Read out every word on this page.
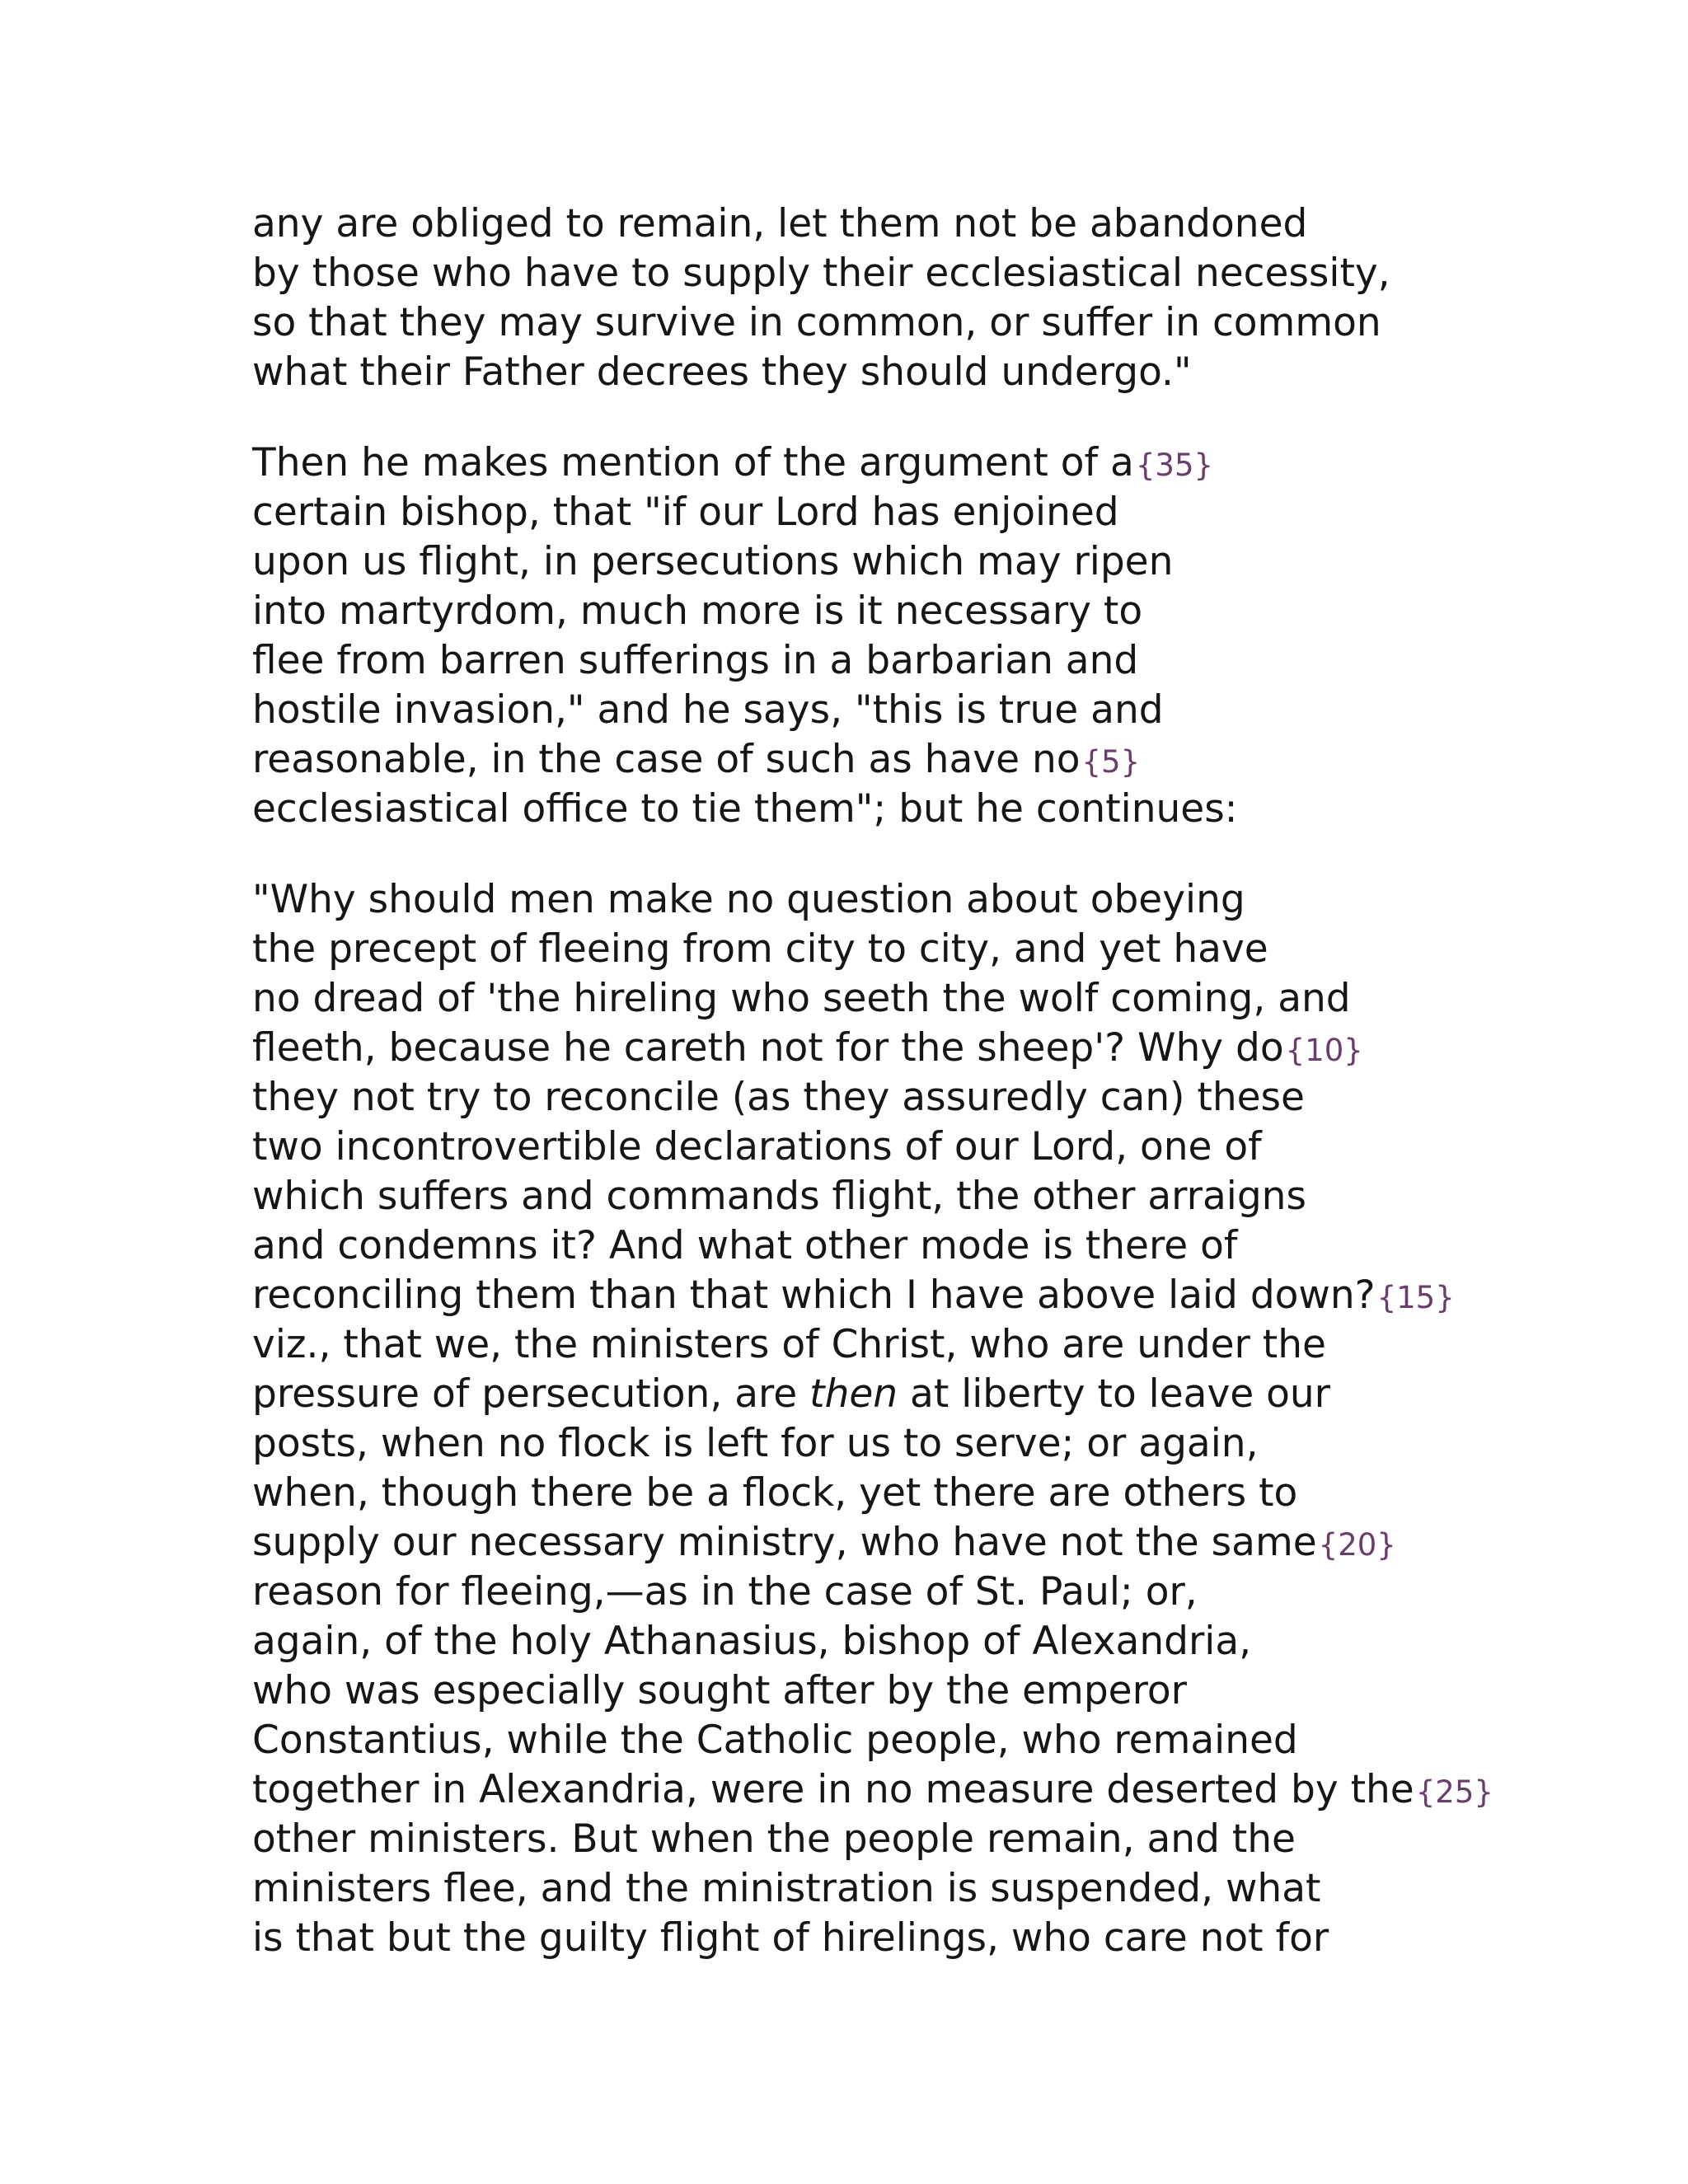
any are obliged to remain, let them not be abandoned
by those who have to supply their ecclesiastical necessity,
so that they may survive in common, or suffer in common
what their Father decrees they should undergo."
Then he makes mention of the argument of a{35}
certain bishop, that "if our Lord has enjoined
upon us flight, in persecutions which may ripen
into martyrdom, much more is it necessary to
flee from barren sufferings in a barbarian and
hostile invasion," and he says, "this is true and
reasonable, in the case of such as have no{5}
ecclesiastical office to tie them"; but he continues:
"Why should men make no question about obeying
the precept of fleeing from city to city, and yet have
no dread of 'the hireling who seeth the wolf coming, and
fleeth, because he careth not for the sheep'? Why do{10}
they not try to reconcile (as they assuredly can) these
two incontrovertible declarations of our Lord, one of
which suffers and commands flight, the other arraigns
and condemns it? And what other mode is there of
reconciling them than that which I have above laid down?{15}
viz., that we, the ministers of Christ, who are under the
pressure of persecution, are then at liberty to leave our
posts, when no flock is left for us to serve; or again,
when, though there be a flock, yet there are others to
supply our necessary ministry, who have not the same{20}
reason for fleeing,—as in the case of St. Paul; or,
again, of the holy Athanasius, bishop of Alexandria,
who was especially sought after by the emperor
Constantius, while the Catholic people, who remained
together in Alexandria, were in no measure deserted by the{25}
other ministers. But when the people remain, and the
ministers flee, and the ministration is suspended, what
is that but the guilty flight of hirelings, who care not for
